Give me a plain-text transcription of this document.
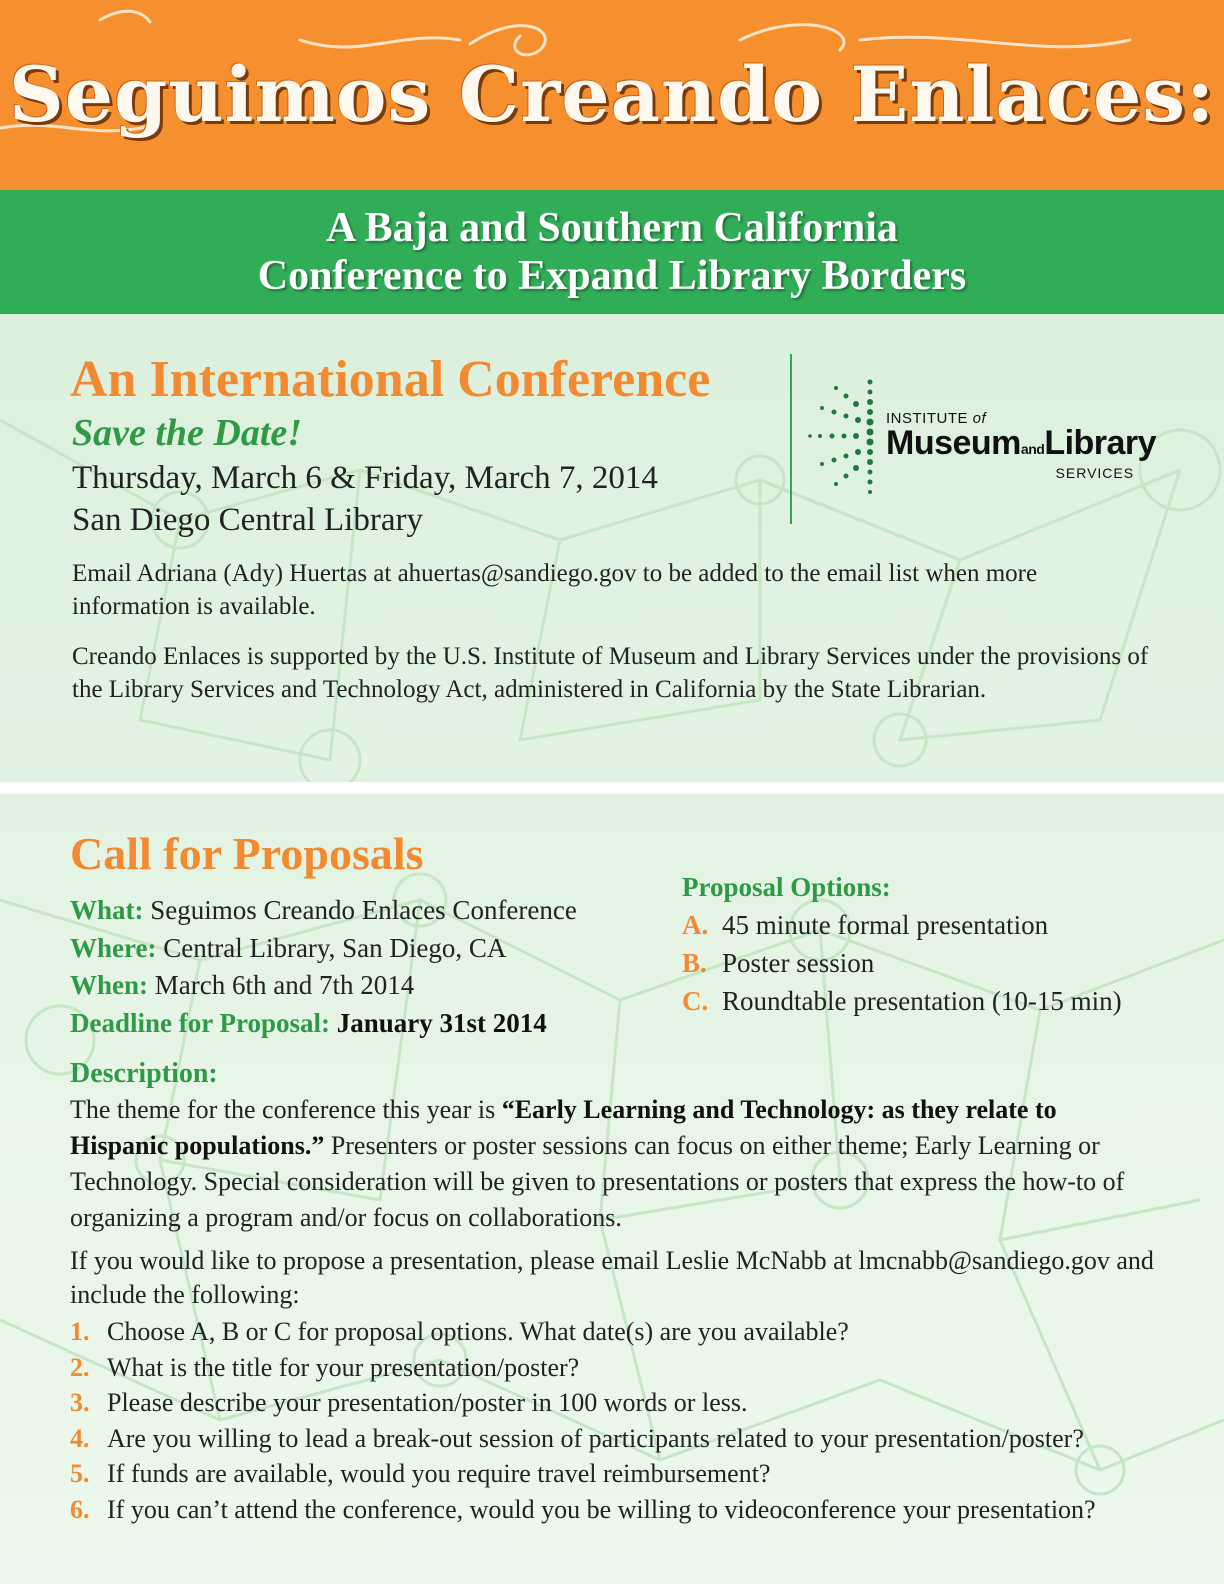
Seguimos Creando Enlaces:
A Baja and Southern California
Conference to Expand Library Borders
An International Conference
Save the Date!
Thursday, March 6 & Friday, March 7, 2014
San Diego Central Library
Email Adriana (Ady) Huertas at ahuertas@sandiego.gov to be added to the email list when more information is available.
Creando Enlaces is supported by the U.S. Institute of Museum and Library Services under the provisions of the Library Services and Technology Act, administered in California by the State Librarian.
INSTITUTE of
MuseumandLibrary
SERVICES
Call for Proposals
What: Seguimos Creando Enlaces Conference
Where: Central Library, San Diego, CA
When: March 6th and 7th 2014
Deadline for Proposal: January 31st 2014
Proposal Options:
A. 45 minute formal presentation
B. Poster session
C. Roundtable presentation (10-15 min)
Description:
The theme for the conference this year is “Early Learning and Technology: as they relate to Hispanic populations.” Presenters or poster sessions can focus on either theme; Early Learning or Technology. Special consideration will be given to presentations or posters that express the how-to of organizing a program and/or focus on collaborations.
If you would like to propose a presentation, please email Leslie McNabb at lmcnabb@sandiego.gov and include the following:
1. Choose A, B or C for proposal options. What date(s) are you available?
2. What is the title for your presentation/poster?
3. Please describe your presentation/poster in 100 words or less.
4. Are you willing to lead a break-out session of participants related to your presentation/poster?
5. If funds are available, would you require travel reimbursement?
6. If you can’t attend the conference, would you be willing to videoconference your presentation?
